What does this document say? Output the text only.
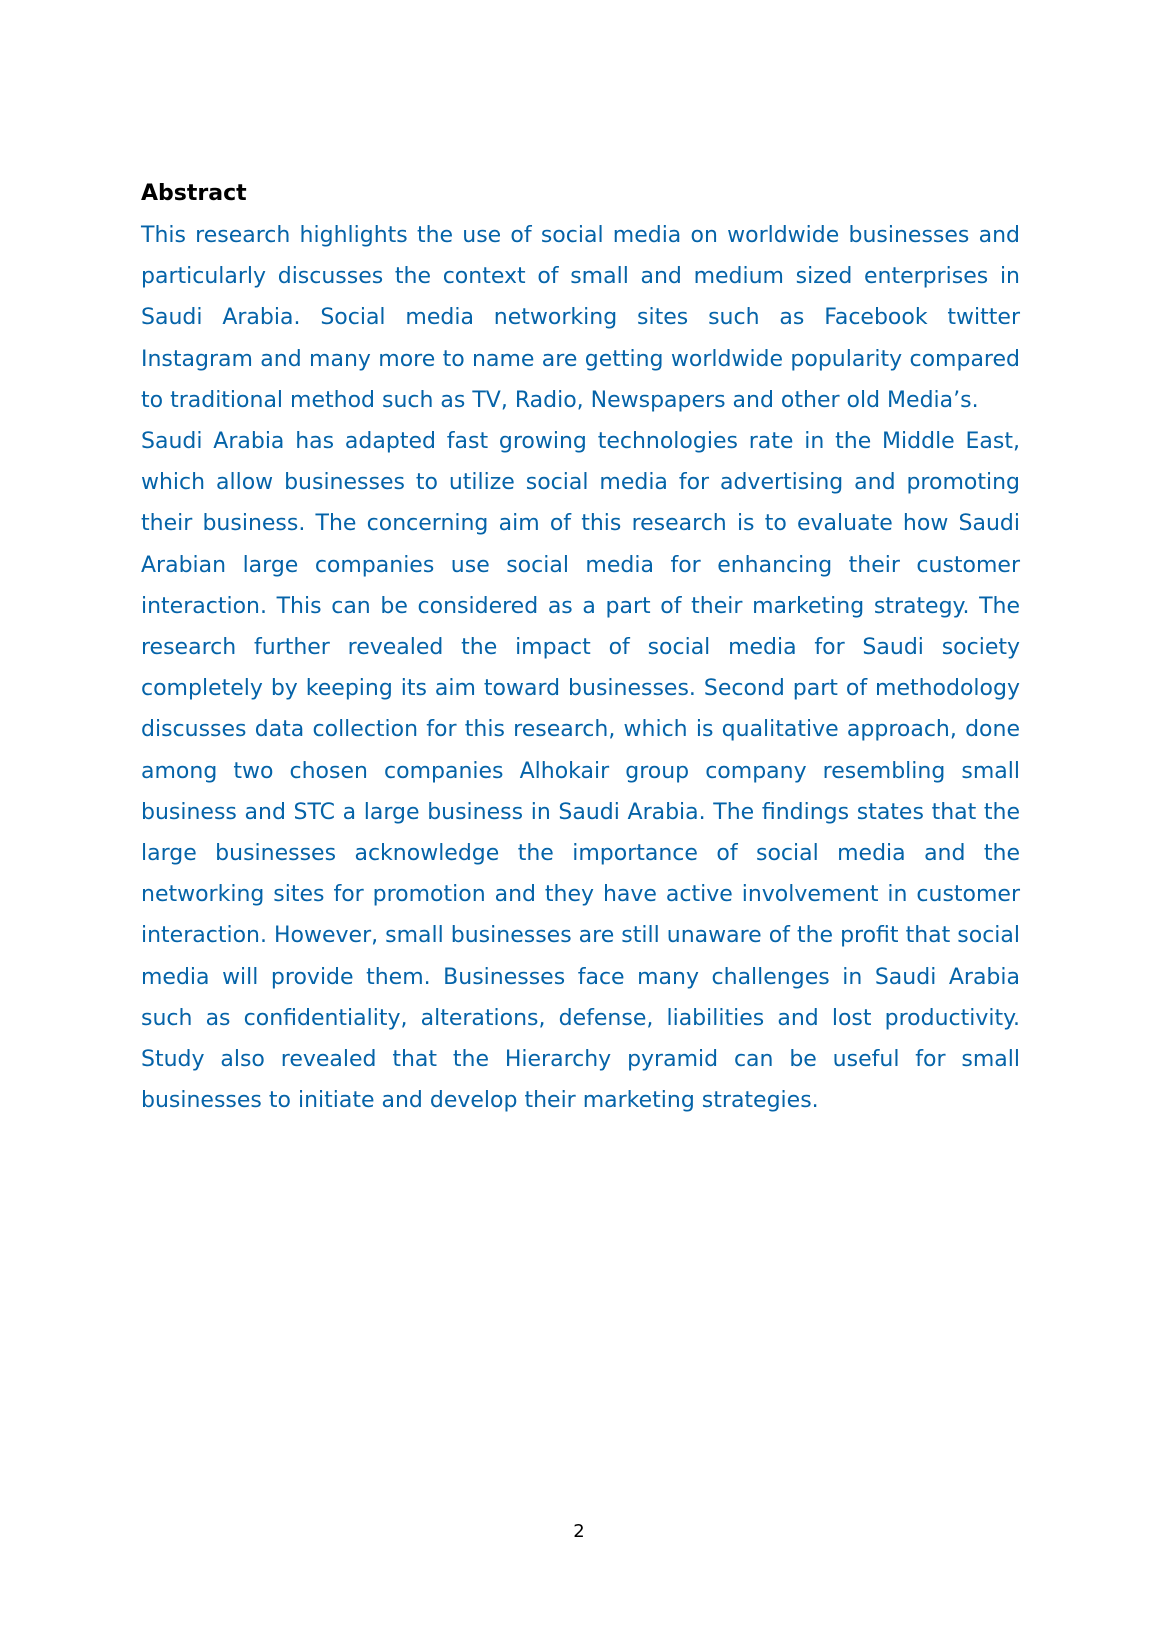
Abstract

This research highlights the use of social media on worldwide businesses and particularly discusses the context of small and medium sized enterprises in Saudi Arabia. Social media networking sites such as Facebook twitter Instagram and many more to name are getting worldwide popularity compared to traditional method such as TV, Radio, Newspapers and other old Media’s.

Saudi Arabia has adapted fast growing technologies rate in the Middle East, which allow businesses to utilize social media for advertising and promoting their business. The concerning aim of this research is to evaluate how Saudi Arabian large companies use social media for enhancing their customer interaction. This can be considered as a part of their marketing strategy. The research further revealed the impact of social media for Saudi society completely by keeping its aim toward businesses. Second part of methodology discusses data collection for this research, which is qualitative approach, done among two chosen companies Alhokair group company resembling small business and STC a large business in Saudi Arabia. The findings states that the large businesses acknowledge the importance of social media and the networking sites for promotion and they have active involvement in customer interaction. However, small businesses are still unaware of the profit that social media will provide them. Businesses face many challenges in Saudi Arabia such as confidentiality, alterations, defense, liabilities and lost productivity. Study also revealed that the Hierarchy pyramid can be useful for small businesses to initiate and develop their marketing strategies.

2
